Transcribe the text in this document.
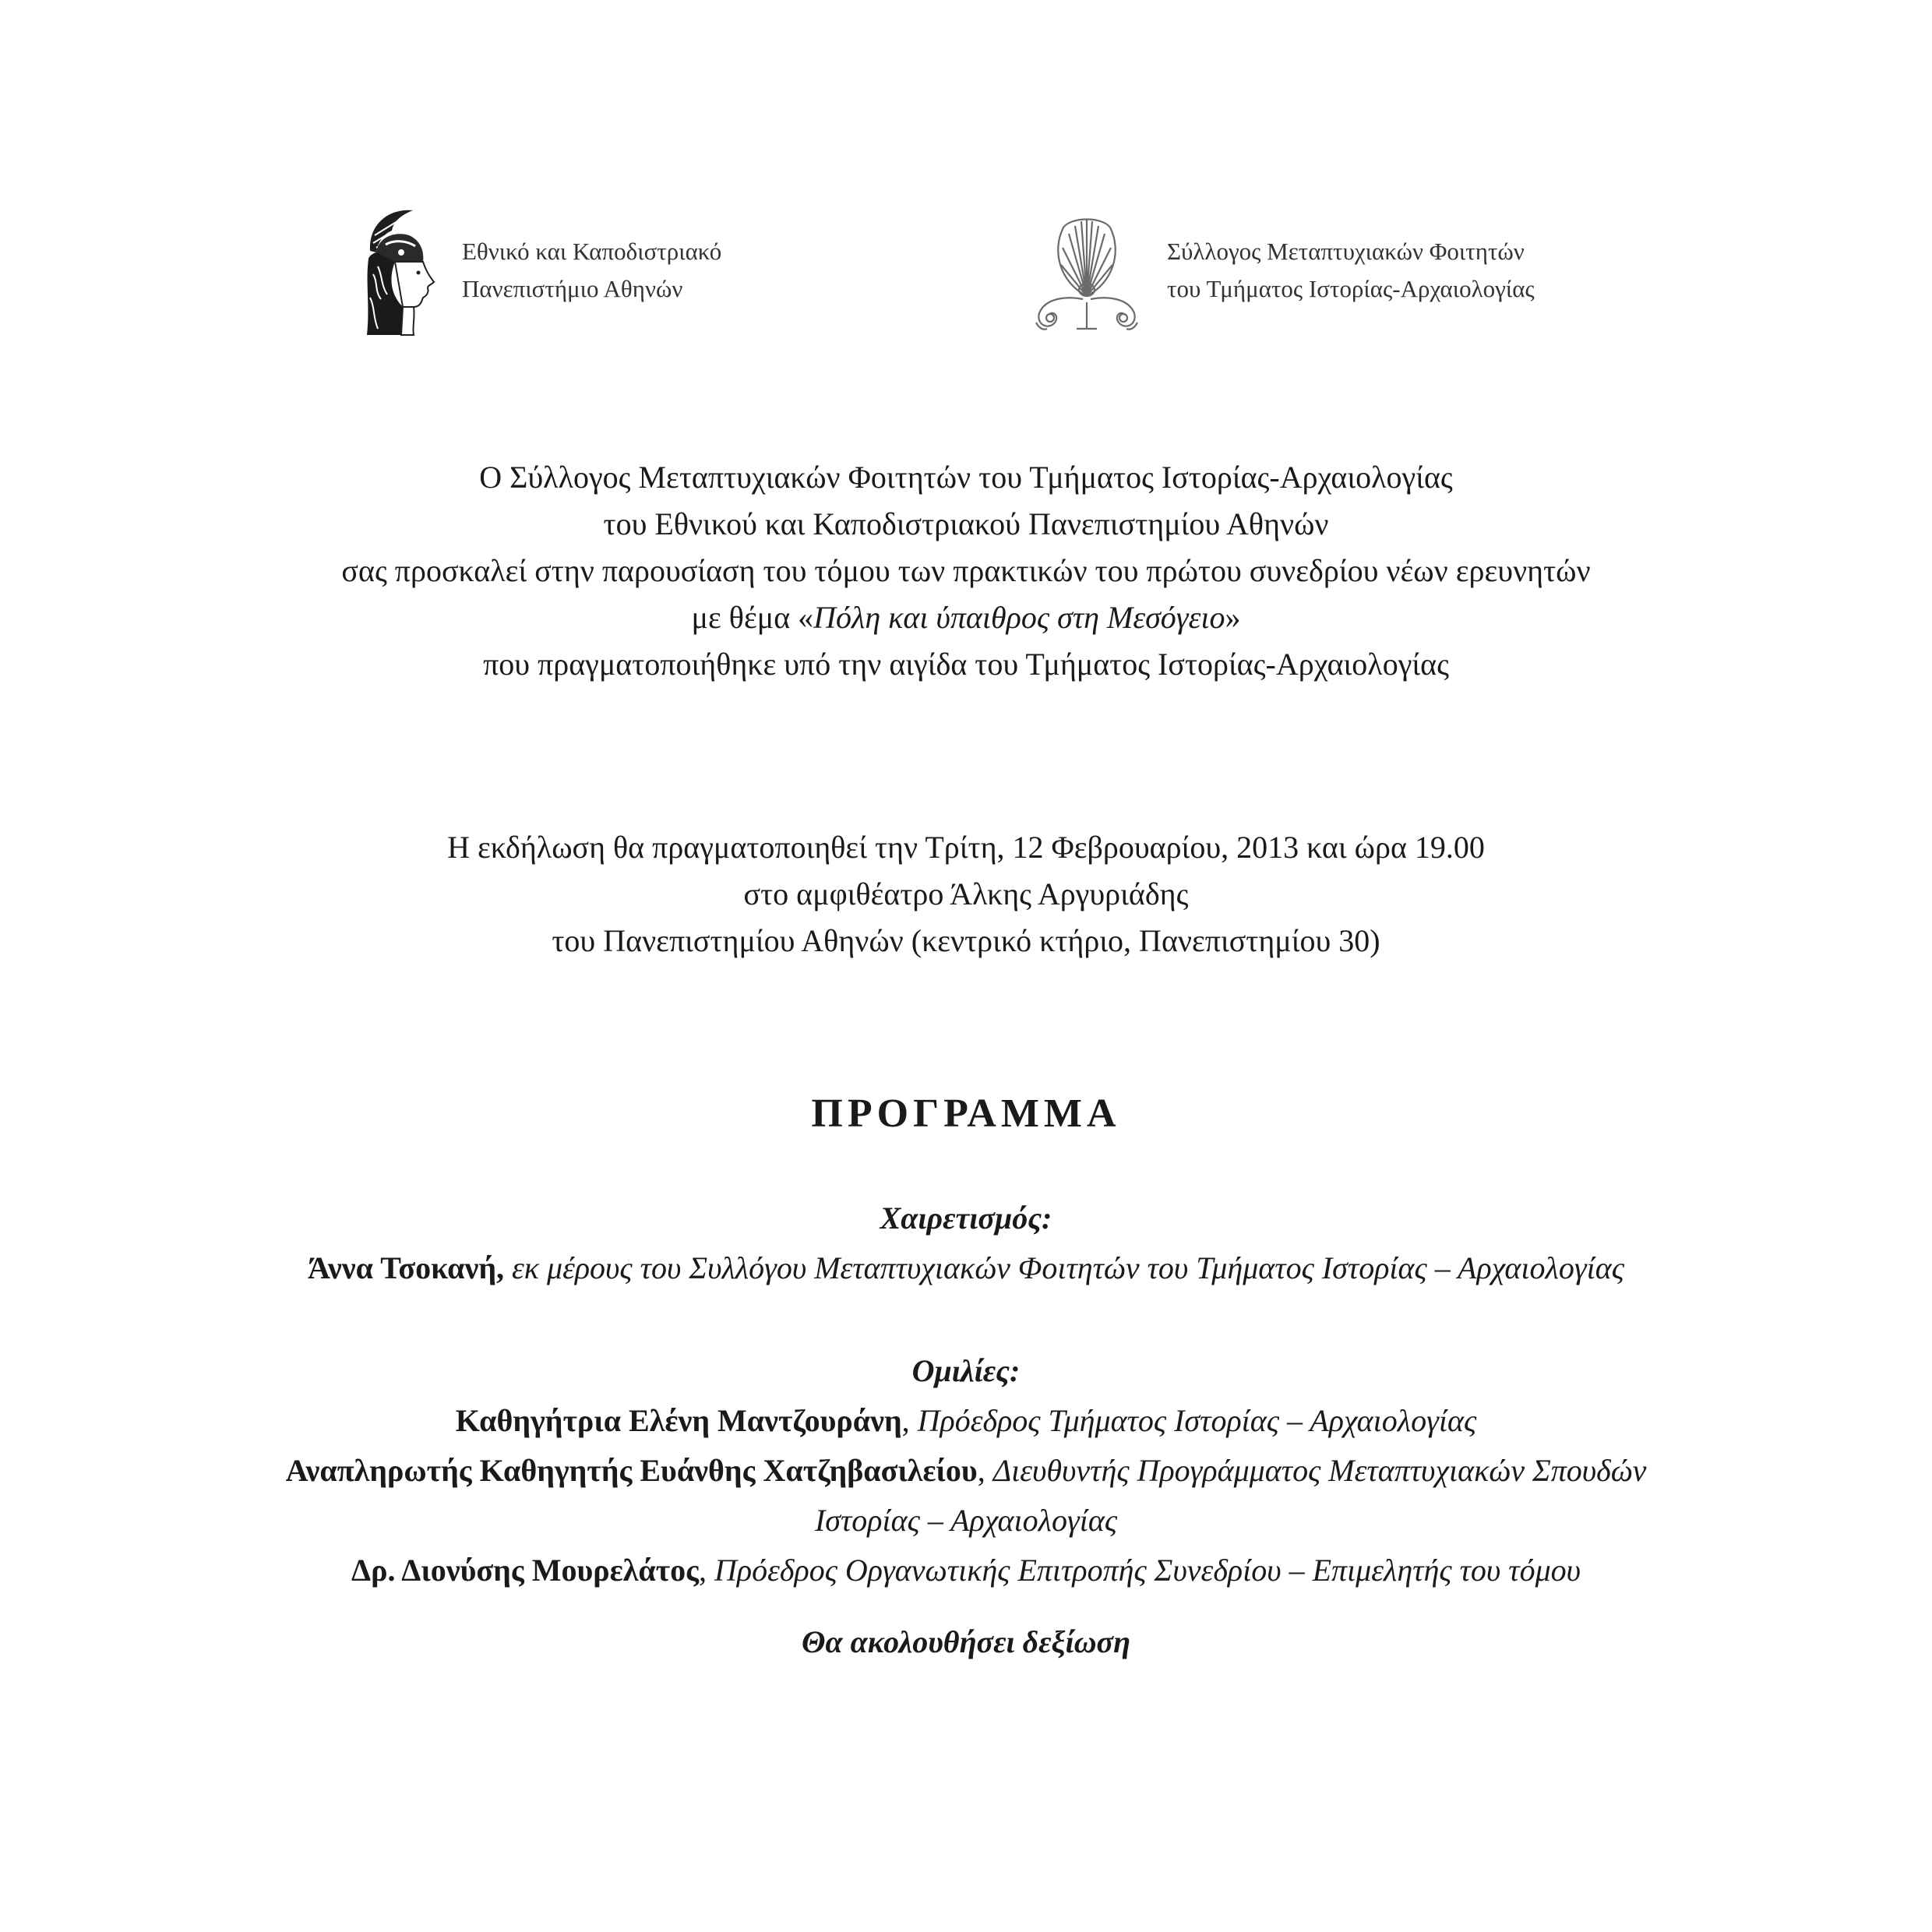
Εθνικό και Καποδιστριακό
Πανεπιστήμιο Αθηνών
Σύλλογος Μεταπτυχιακών Φοιτητών
του Τμήματος Ιστορίας-Αρχαιολογίας
Ο Σύλλογος Μεταπτυχιακών Φοιτητών του Τμήματος Ιστορίας-Αρχαιολογίας
του Εθνικού και Καποδιστριακού Πανεπιστημίου Αθηνών
σας προσκαλεί στην παρουσίαση του τόμου των πρακτικών του πρώτου συνεδρίου νέων ερευνητών
με θέμα «Πόλη και ύπαιθρος στη Μεσόγειο»
που πραγματοποιήθηκε υπό την αιγίδα του Τμήματος Ιστορίας-Αρχαιολογίας
Η εκδήλωση θα πραγματοποιηθεί την Τρίτη, 12 Φεβρουαρίου, 2013 και ώρα 19.00
στο αμφιθέατρο Άλκης Αργυριάδης
του Πανεπιστημίου Αθηνών (κεντρικό κτήριο, Πανεπιστημίου 30)
ΠΡΟΓΡΑΜΜΑ
Χαιρετισμός:
Άννα Τσοκανή, εκ μέρους του Συλλόγου Μεταπτυχιακών Φοιτητών του Τμήματος Ιστορίας – Αρχαιολογίας
Ομιλίες:
Καθηγήτρια Ελένη Μαντζουράνη, Πρόεδρος Τμήματος Ιστορίας – Αρχαιολογίας
Αναπληρωτής Καθηγητής Ευάνθης Χατζηβασιλείου, Διευθυντής Προγράμματος Μεταπτυχιακών Σπουδών
Ιστορίας – Αρχαιολογίας
Δρ. Διονύσης Μουρελάτος, Πρόεδρος Οργανωτικής Επιτροπής Συνεδρίου – Επιμελητής του τόμου
Θα ακολουθήσει δεξίωση
